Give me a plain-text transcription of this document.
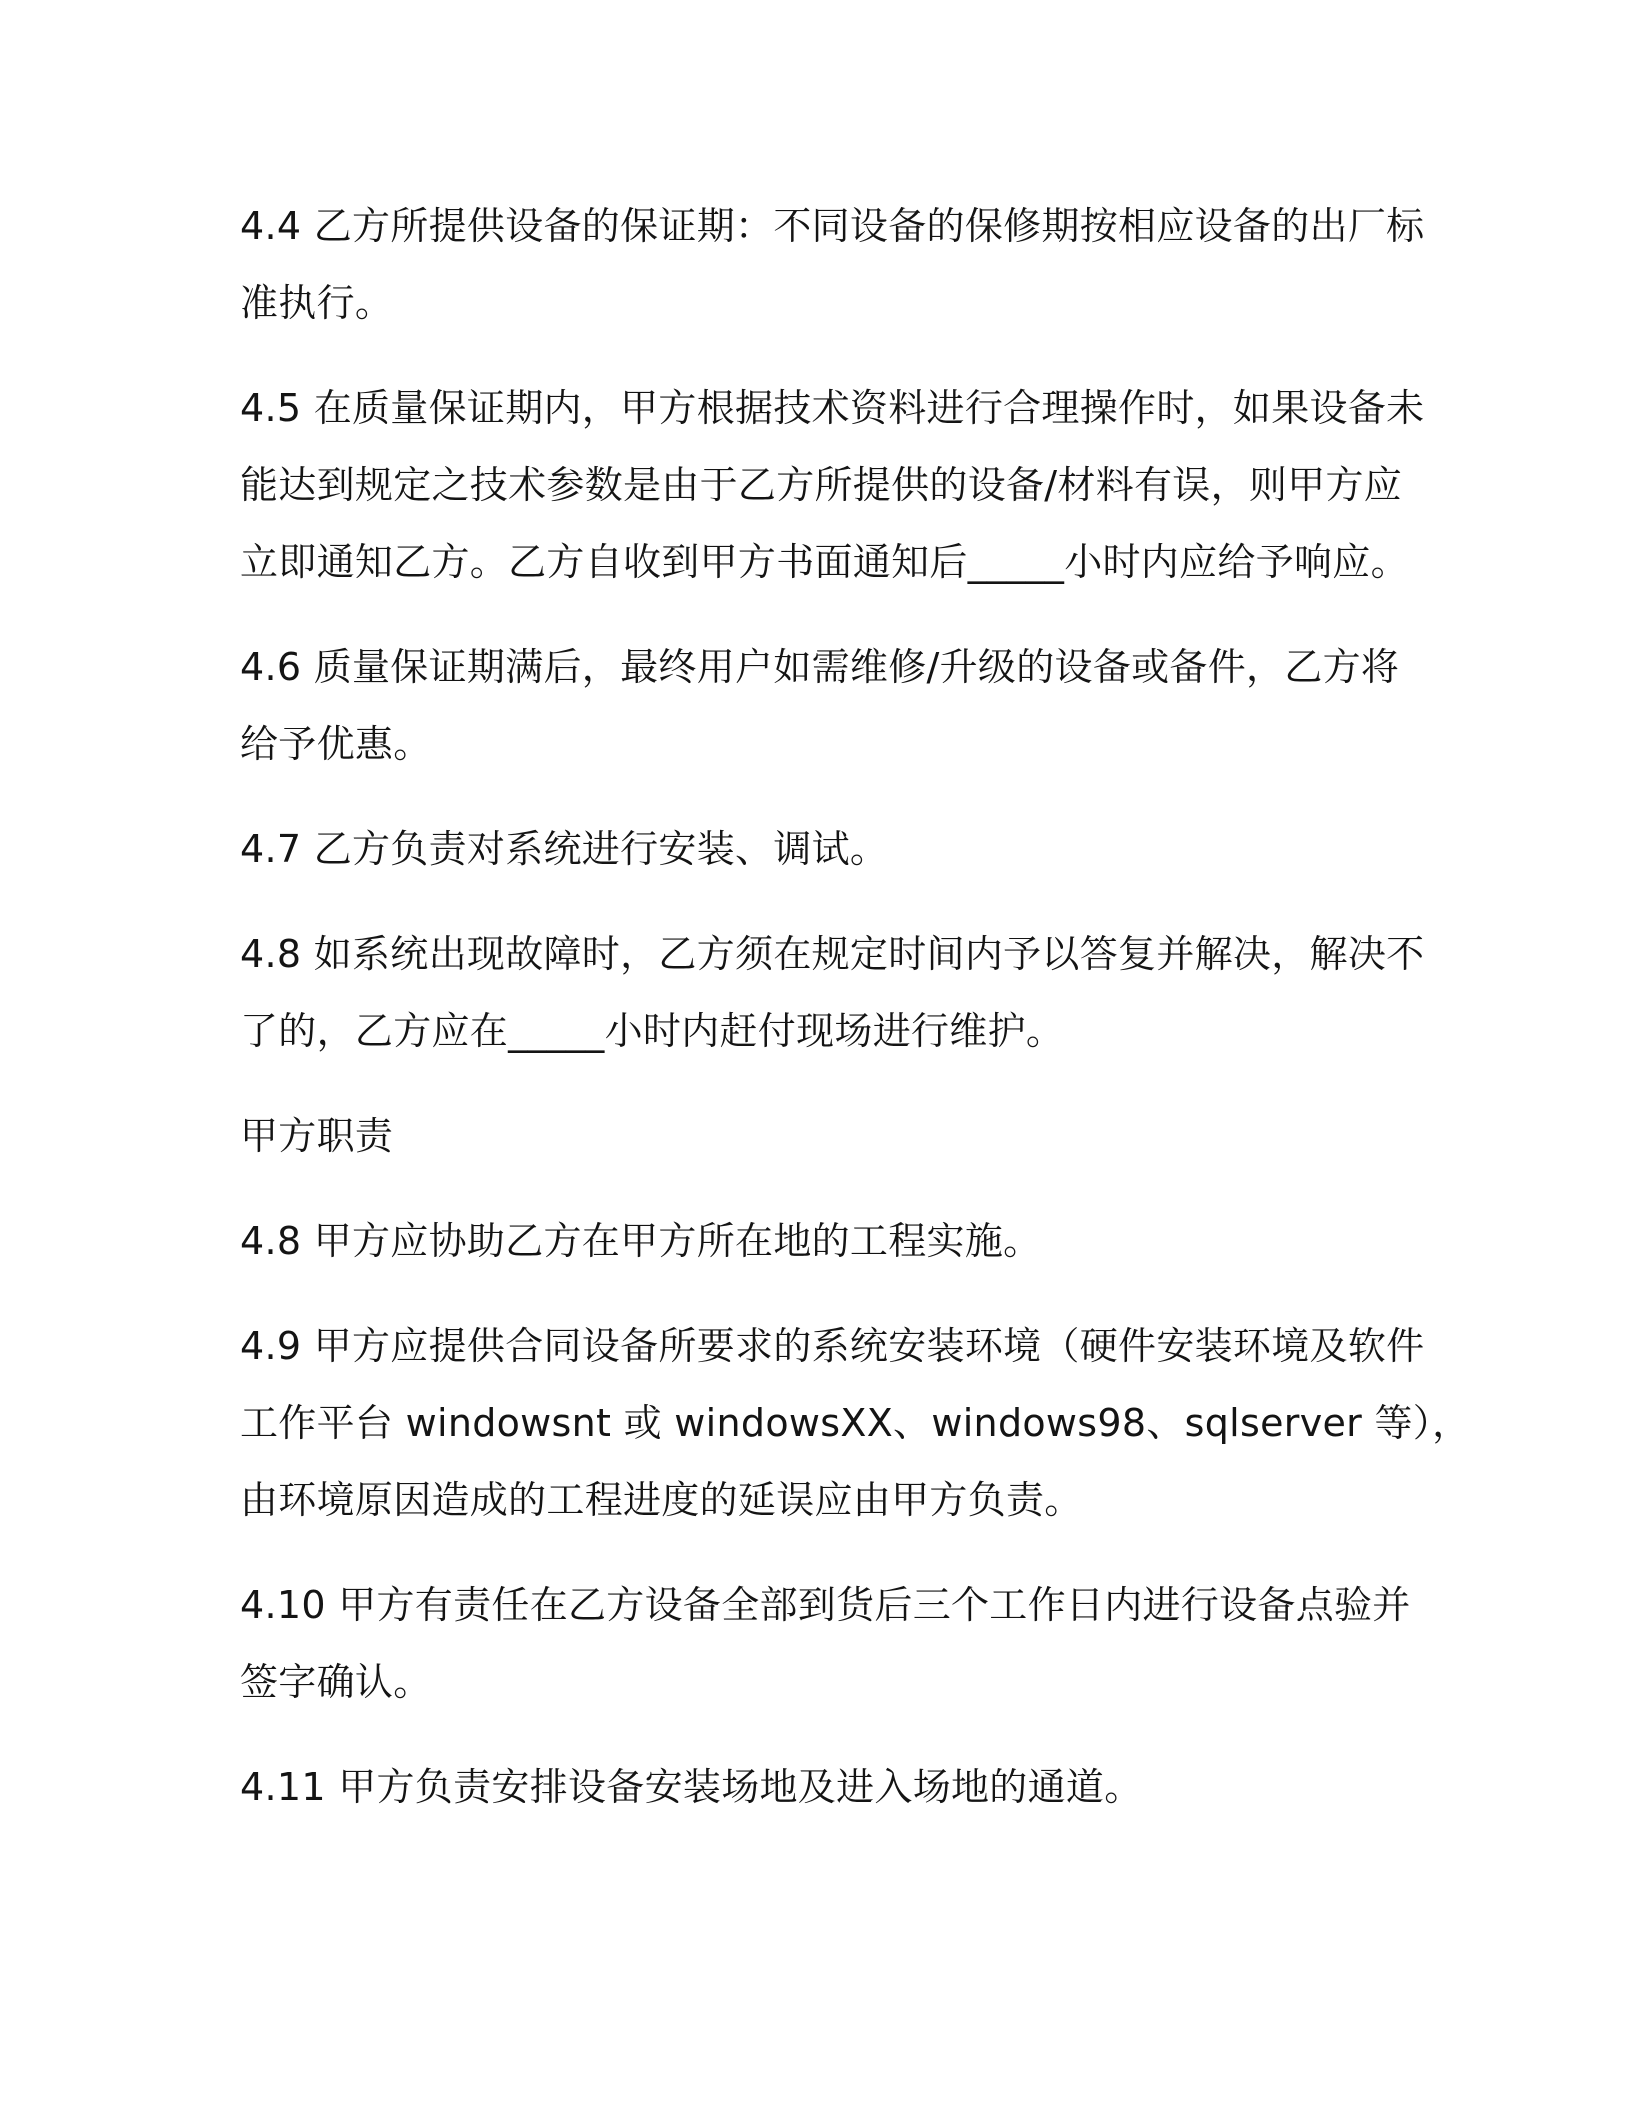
4.4 乙方所提供设备的保证期：不同设备的保修期按相应设备的出厂标
准执行。

4.5 在质量保证期内，甲方根据技术资料进行合理操作时，如果设备未
能达到规定之技术参数是由于乙方所提供的设备/材料有误，则甲方应
立即通知乙方。乙方自收到甲方书面通知后_____小时内应给予响应。

4.6 质量保证期满后，最终用户如需维修/升级的设备或备件，乙方将
给予优惠。

4.7 乙方负责对系统进行安装、调试。

4.8 如系统出现故障时，乙方须在规定时间内予以答复并解决，解决不
了的，乙方应在_____小时内赶付现场进行维护。

甲方职责

4.8 甲方应协助乙方在甲方所在地的工程实施。

4.9 甲方应提供合同设备所要求的系统安装环境（硬件安装环境及软件
工作平台 windowsnt 或 windowsXX、windows98、sqlserver 等），
由环境原因造成的工程进度的延误应由甲方负责。

4.10 甲方有责任在乙方设备全部到货后三个工作日内进行设备点验并
签字确认。

4.11 甲方负责安排设备安装场地及进入场地的通道。
